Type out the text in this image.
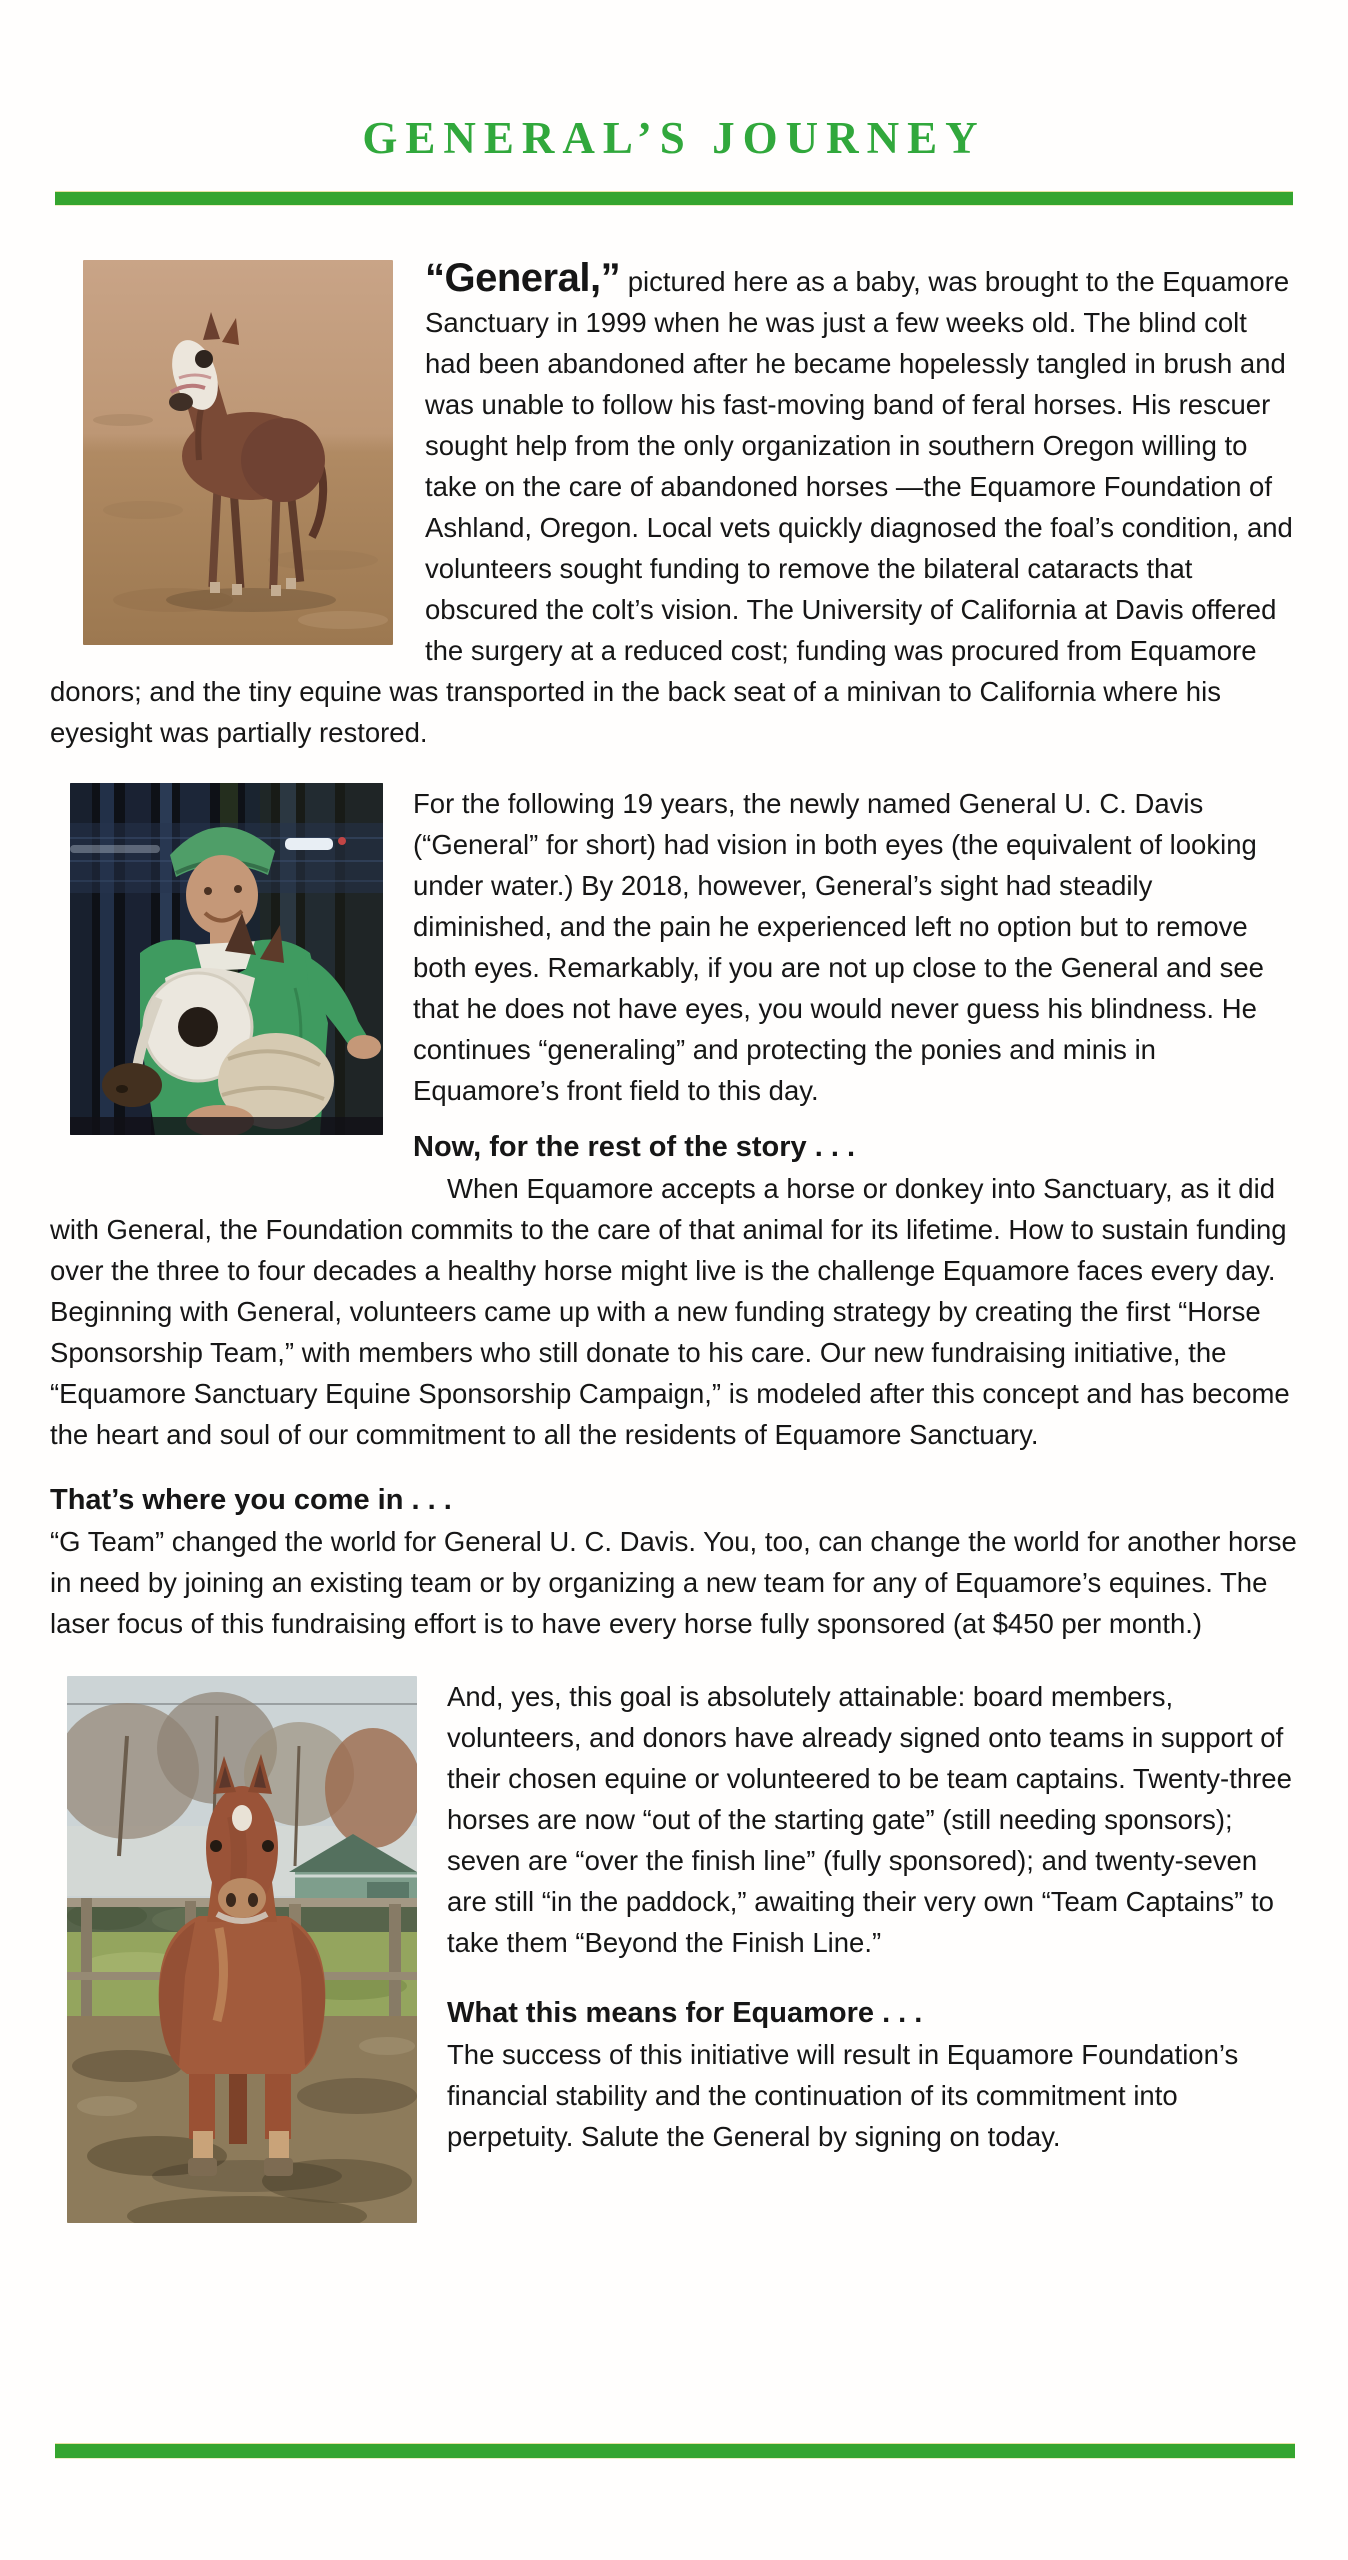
GENERAL’S JOURNEY

“General,” pictured here as a baby, was brought to the Equamore Sanctuary in 1999 when he was just a few weeks old. The blind colt had been abandoned after he became hopelessly tangled in brush and was unable to follow his fast-moving band of feral horses. His rescuer sought help from the only organization in southern Oregon willing to take on the care of abandoned horses —the Equamore Foundation of Ashland, Oregon. Local vets quickly diagnosed the foal’s condition, and volunteers sought funding to remove the bilateral cataracts that obscured the colt’s vision. The University of California at Davis offered the surgery at a reduced cost; funding was procured from Equamore donors; and the tiny equine was transported in the back seat of a minivan to California where his eyesight was partially restored.

For the following 19 years, the newly named General U. C. Davis (“General” for short) had vision in both eyes (the equivalent of looking under water.) By 2018, however, General’s sight had steadily diminished, and the pain he experienced left no option but to remove both eyes. Remarkably, if you are not up close to the General and see that he does not have eyes, you would never guess his blindness. He continues “generaling” and protecting the ponies and minis in Equamore’s front field to this day.

Now, for the rest of the story . . .

When Equamore accepts a horse or donkey into Sanctuary, as it did with General, the Foundation commits to the care of that animal for its lifetime. How to sustain funding over the three to four decades a healthy horse might live is the challenge Equamore faces every day. Beginning with General, volunteers came up with a new funding strategy by creating the first “Horse Sponsorship Team,” with members who still donate to his care. Our new fundraising initiative, the “Equamore Sanctuary Equine Sponsorship Campaign,” is modeled after this concept and has become the heart and soul of our commitment to all the residents of Equamore Sanctuary.

That’s where you come in . . .

“G Team” changed the world for General U. C. Davis. You, too, can change the world for another horse in need by joining an existing team or by organizing a new team for any of Equamore’s equines. The laser focus of this fundraising effort is to have every horse fully sponsored (at $450 per month.)

And, yes, this goal is absolutely attainable: board members, volunteers, and donors have already signed onto teams in support of their chosen equine or volunteered to be team captains. Twenty-three horses are now “out of the starting gate” (still needing sponsors); seven are “over the finish line” (fully sponsored); and twenty-seven are still “in the paddock,” awaiting their very own “Team Captains” to take them “Beyond the Finish Line.”

What this means for Equamore . . .

The success of this initiative will result in Equamore Foundation’s financial stability and the continuation of its commitment into perpetuity. Salute the General by signing on today.
